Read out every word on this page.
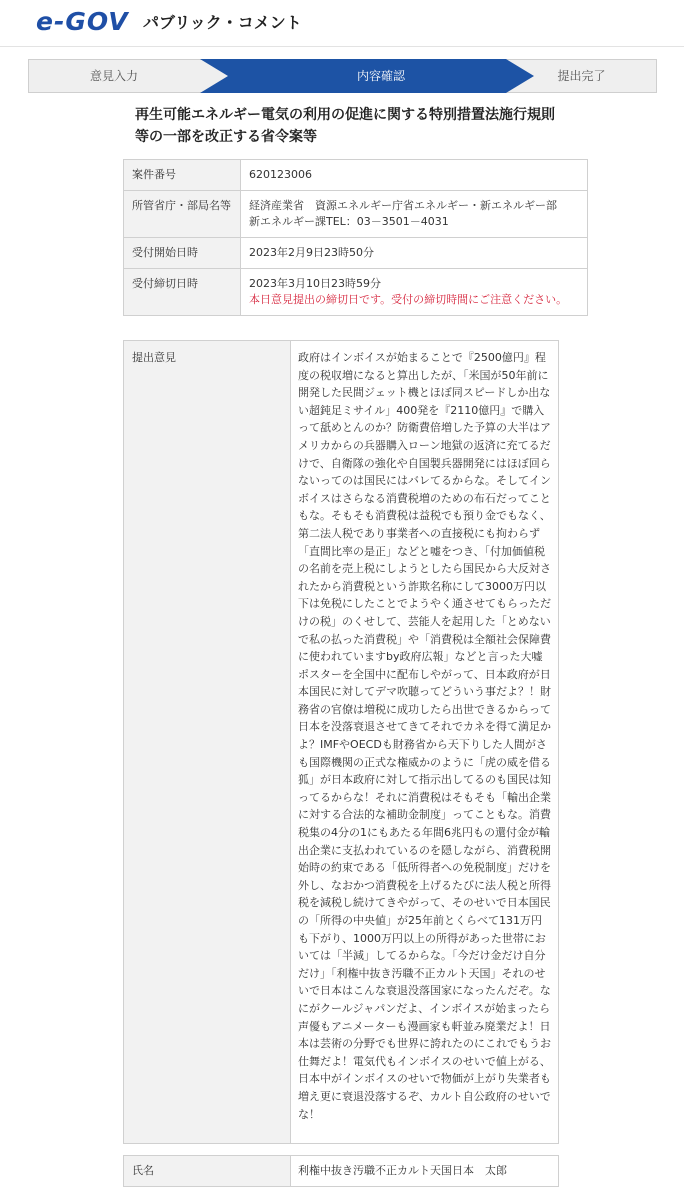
e-GOV パブリック・コメント
意見入力	内容確認	提出完了
再生可能エネルギー電気の利用の促進に関する特別措置法施行規則等の一部を改正する省令案等
案件番号	620123006
所管省庁・部局名等	経済産業省　資源エネルギー庁省エネルギー・新エネルギー部
新エネルギー課TEL：03－3501－4031

受付開始日時	2023年2月9日23時50分
受付締切日時	2023年3月10日23時59分
本日意見提出の締切日です。受付の締切時間にご注意ください。
提出意見	政府はインボイスが始まることで『2500億円』程度の税収増になると算出したが、「米国が50年前に開発した民間ジェット機とほぼ同スピードしか出ない超鈍足ミサイル」400発を『2110億円』で購入って舐めとんのか？防衛費倍増した予算の大半はアメリカからの兵器購入ローン地獄の返済に充てるだけで、自衛隊の強化や自国製兵器開発にはほぼ回らないってのは国民にはバレてるからな。そしてインボイスはさらなる消費税増のための布石だってこともな。そもそも消費税は益税でも預り金でもなく、第二法人税であり事業者への直接税にも拘わらず「直間比率の是正」などと嘘をつき、「付加価値税の名前を売上税にしようとしたら国民から大反対されたから消費税という詐欺名称にして3000万円以下は免税にしたことでようやく通させてもらっただけの税」のくせして、芸能人を起用した「とめないで私の払った消費税」や「消費税は全額社会保障費に使われていますby政府広報」などと言った大嘘ポスターを全国中に配布しやがって、日本政府が日本国民に対してデマ吹聴ってどういう事だよ？！財務省の官僚は増税に成功したら出世できるからって日本を没落衰退させてきてそれでカネを得て満足かよ？IMFやOECDも財務省から天下りした人間がさも国際機関の正式な権威かのように「虎の威を借る狐」が日本政府に対して指示出してるのも国民は知ってるからな！それに消費税はそもそも「輸出企業に対する合法的な補助金制度」ってこともな。消費税集の4分の1にもあたる年間6兆円もの還付金が輸出企業に支払われているのを隠しながら、消費税開始時の約束である「低所得者への免税制度」だけを外し、なおかつ消費税を上げるたびに法人税と所得税を減税し続けてきやがって、そのせいで日本国民の「所得の中央値」が25年前とくらべて131万円も下がり、1000万円以上の所得があった世帯においては「半減」してるからな。「今だけ金だけ自分だけ」「利権中抜き汚職不正カルト天国」それのせいで日本はこんな衰退没落国家になったんだぞ。なにがクールジャパンだよ、インボイスが始まったら声優もアニメーターも漫画家も軒並み廃業だよ！日本は芸術の分野でも世界に誇れたのにこれでもうお仕舞だよ！電気代もインボイスのせいで値上がる、日本中がインボイスのせいで物価が上がり失業者も増え更に衰退没落するぞ、カルト自公政府のせいでな！
氏名	利権中抜き汚職不正カルト天国日本　太郎
